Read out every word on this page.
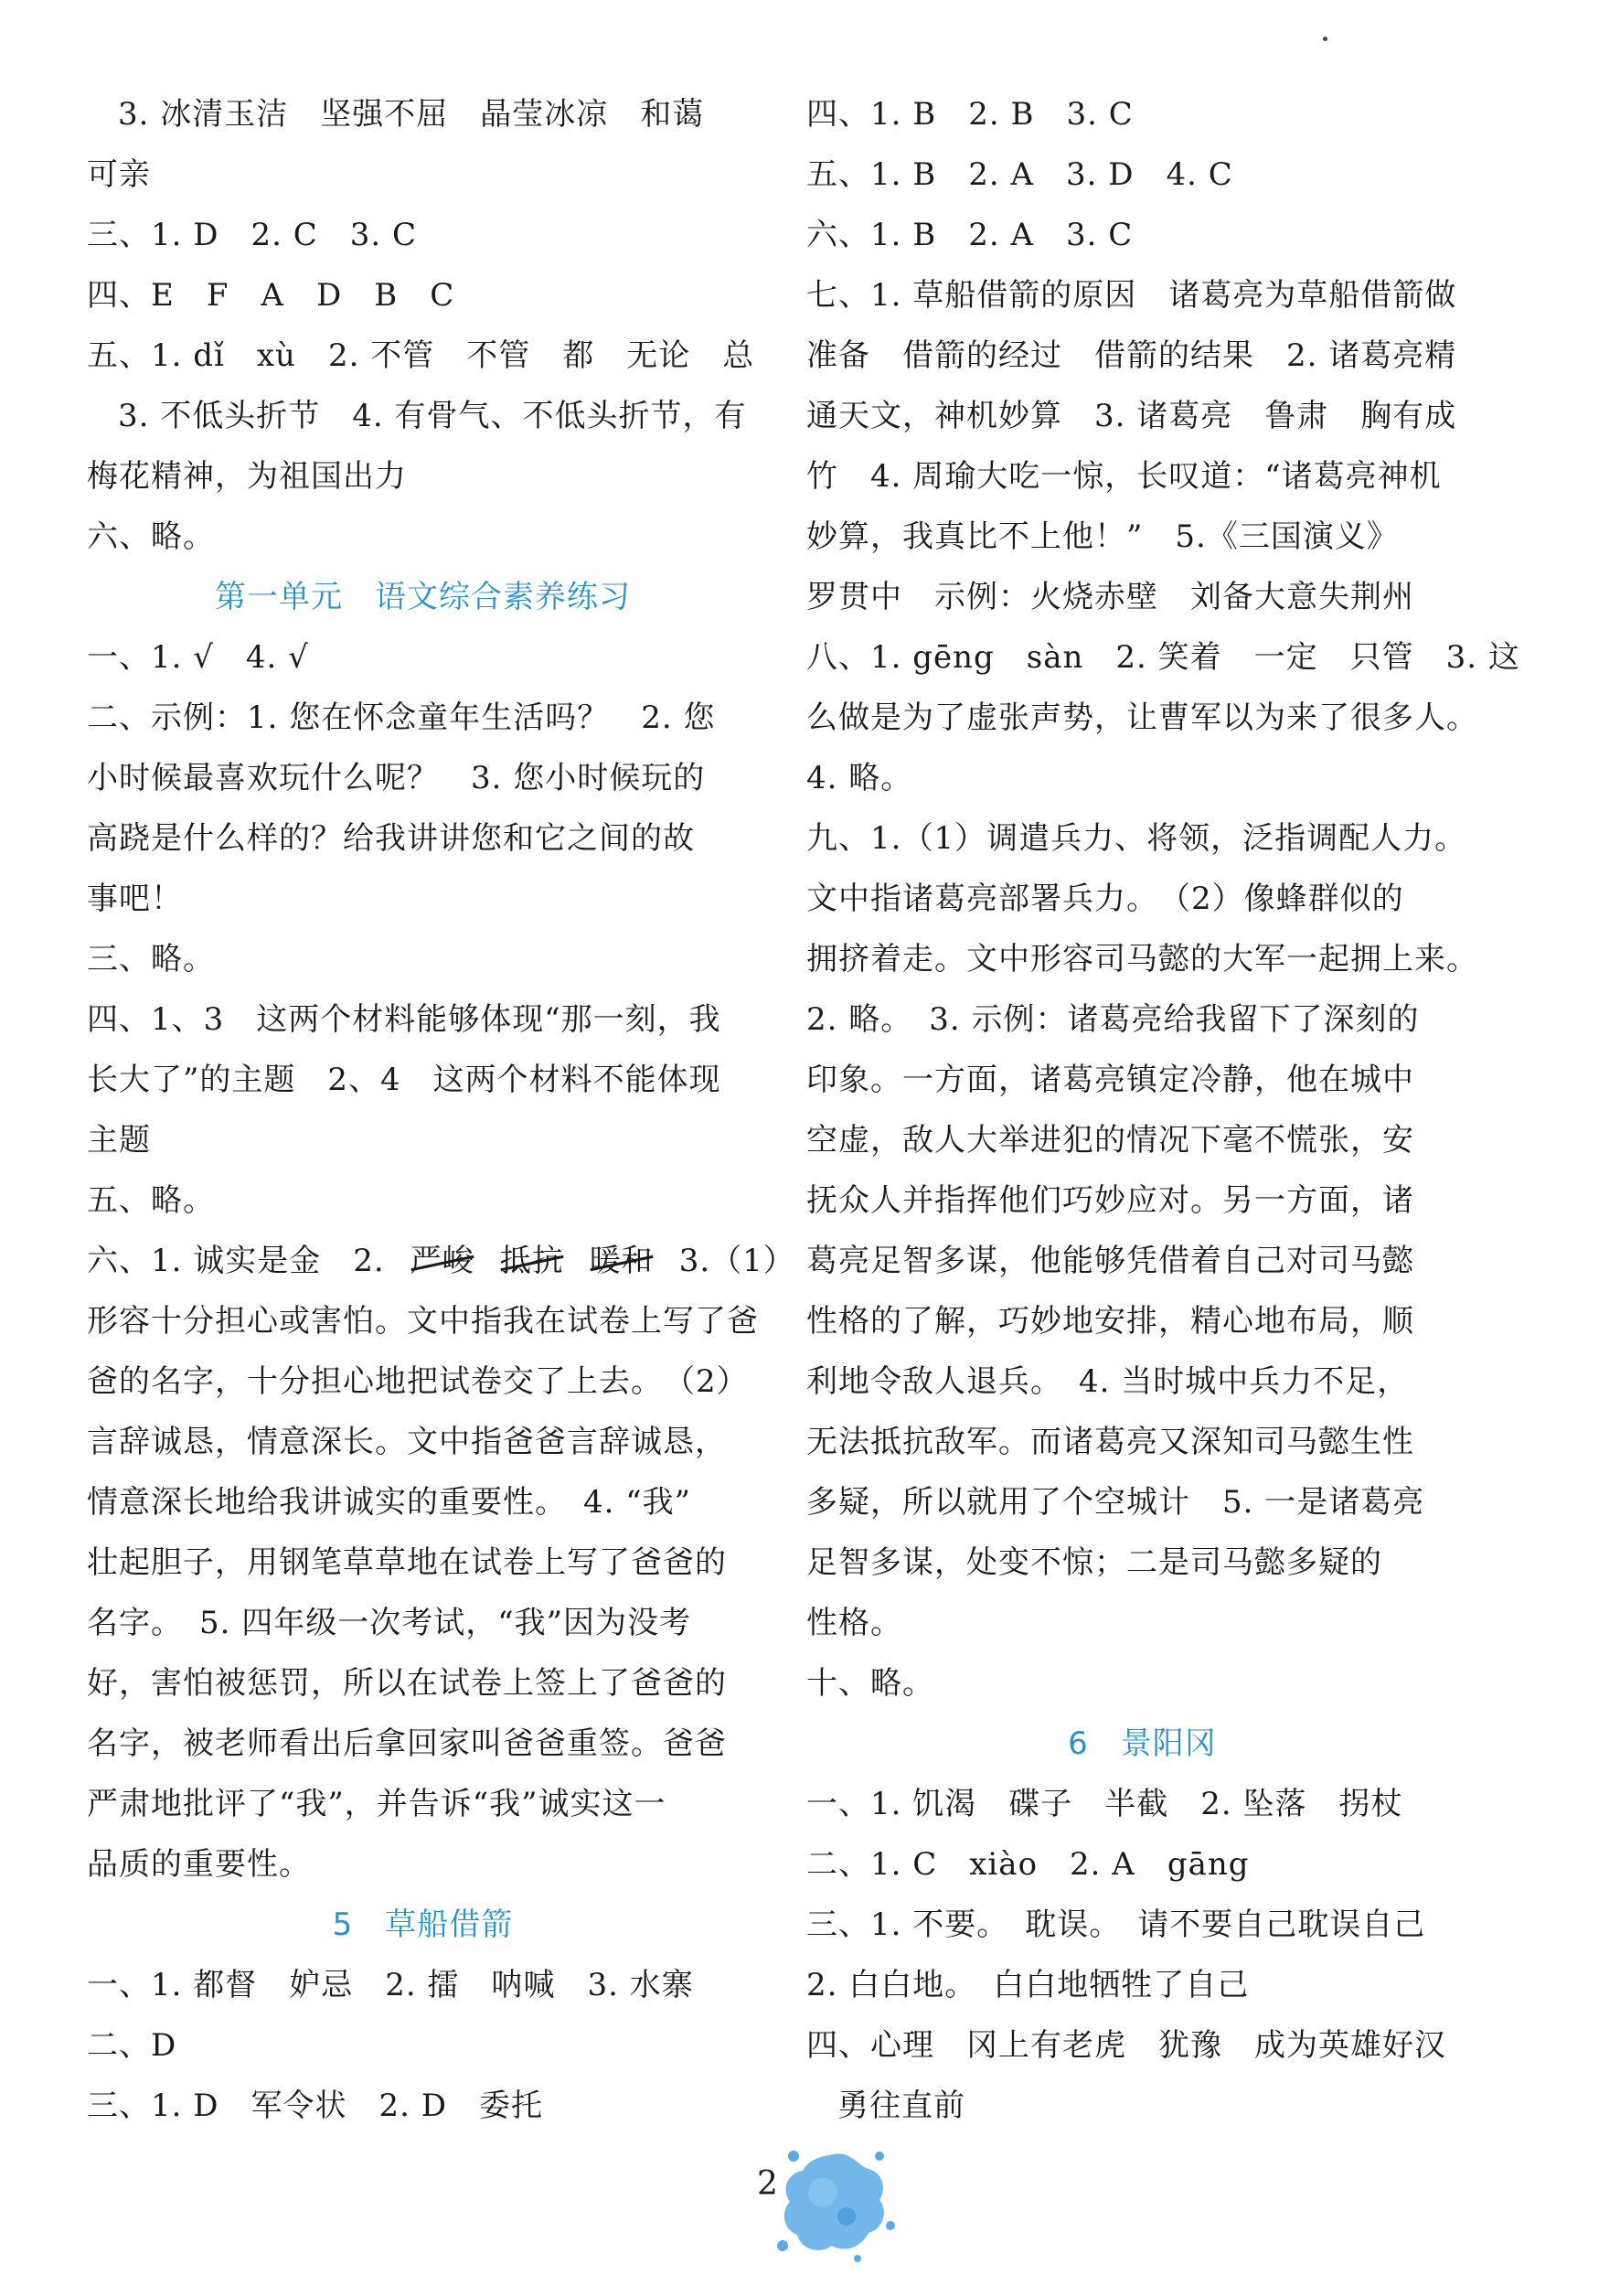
3. 冰清玉洁　坚强不屈　晶莹冰凉　和蔼
可亲
三、1. D　2. C　3. C
四、E　F　A　D　B　C
五、1. dǐ　xù　2. 不管　不管　都　无论　总
3. 不低头折节　4. 有骨气、不低头折节，有
梅花精神，为祖国出力
六、略。
第一单元　语文综合素养练习
一、1. √　4. √
二、示例：1. 您在怀念童年生活吗？　2. 您
小时候最喜欢玩什么呢？　3. 您小时候玩的
高跷是什么样的？给我讲讲您和它之间的故
事吧！
三、略。
四、1、3　这两个材料能够体现“那一刻，我
长大了”的主题　2、4　这两个材料不能体现
主题
五、略。
六、1. 诚实是金　2. 严峻 抵抗 暖和 3.（1）
形容十分担心或害怕。文中指我在试卷上写了爸
爸的名字，十分担心地把试卷交了上去。　（2）
言辞诚恳，情意深长。文中指爸爸言辞诚恳，
情意深长地给我讲诚实的重要性。　4. “我”
壮起胆子，用钢笔草草地在试卷上写了爸爸的
名字。　5. 四年级一次考试，“我”因为没考
好，害怕被惩罚，所以在试卷上签上了爸爸的
名字，被老师看出后拿回家叫爸爸重签。爸爸
严肃地批评了“我”，并告诉“我”诚实这一
品质的重要性。
5　草船借箭
一、1. 都督　妒忌　2. 擂　呐喊　3. 水寨
二、D
三、1. D　军令状　2. D　委托
四、1. B　2. B　3. C
五、1. B　2. A　3. D　4. C
六、1. B　2. A　3. C
七、1. 草船借箭的原因　诸葛亮为草船借箭做
准备　借箭的经过　借箭的结果　2. 诸葛亮精
通天文，神机妙算　3. 诸葛亮　鲁肃　胸有成
竹　4. 周瑜大吃一惊，长叹道：“诸葛亮神机
妙算，我真比不上他！”　5.《三国演义》
罗贯中　示例：火烧赤壁　刘备大意失荆州
八、1. gēng　sàn　2. 笑着　一定　只管　3. 这
么做是为了虚张声势，让曹军以为来了很多人。
4. 略。
九、1.（1）调遣兵力、将领，泛指调配人力。
文中指诸葛亮部署兵力。　（2）像蜂群似的
拥挤着走。文中形容司马懿的大军一起拥上来。
2. 略。　3. 示例：诸葛亮给我留下了深刻的
印象。一方面，诸葛亮镇定冷静，他在城中
空虚，敌人大举进犯的情况下毫不慌张，安
抚众人并指挥他们巧妙应对。另一方面，诸
葛亮足智多谋，他能够凭借着自己对司马懿
性格的了解，巧妙地安排，精心地布局，顺
利地令敌人退兵。　4. 当时城中兵力不足，
无法抵抗敌军。而诸葛亮又深知司马懿生性
多疑，所以就用了个空城计　5. 一是诸葛亮
足智多谋，处变不惊；二是司马懿多疑的
性格。
十、略。
6　景阳冈
一、1. 饥渴　碟子　半截　2. 坠落　拐杖
二、1. C　xiào　2. A　gāng
三、1. 不要。　耽误。　请不要自己耽误自己
2. 白白地。　白白地牺牲了自己
四、心理　冈上有老虎　犹豫　成为英雄好汉
勇往直前
2
